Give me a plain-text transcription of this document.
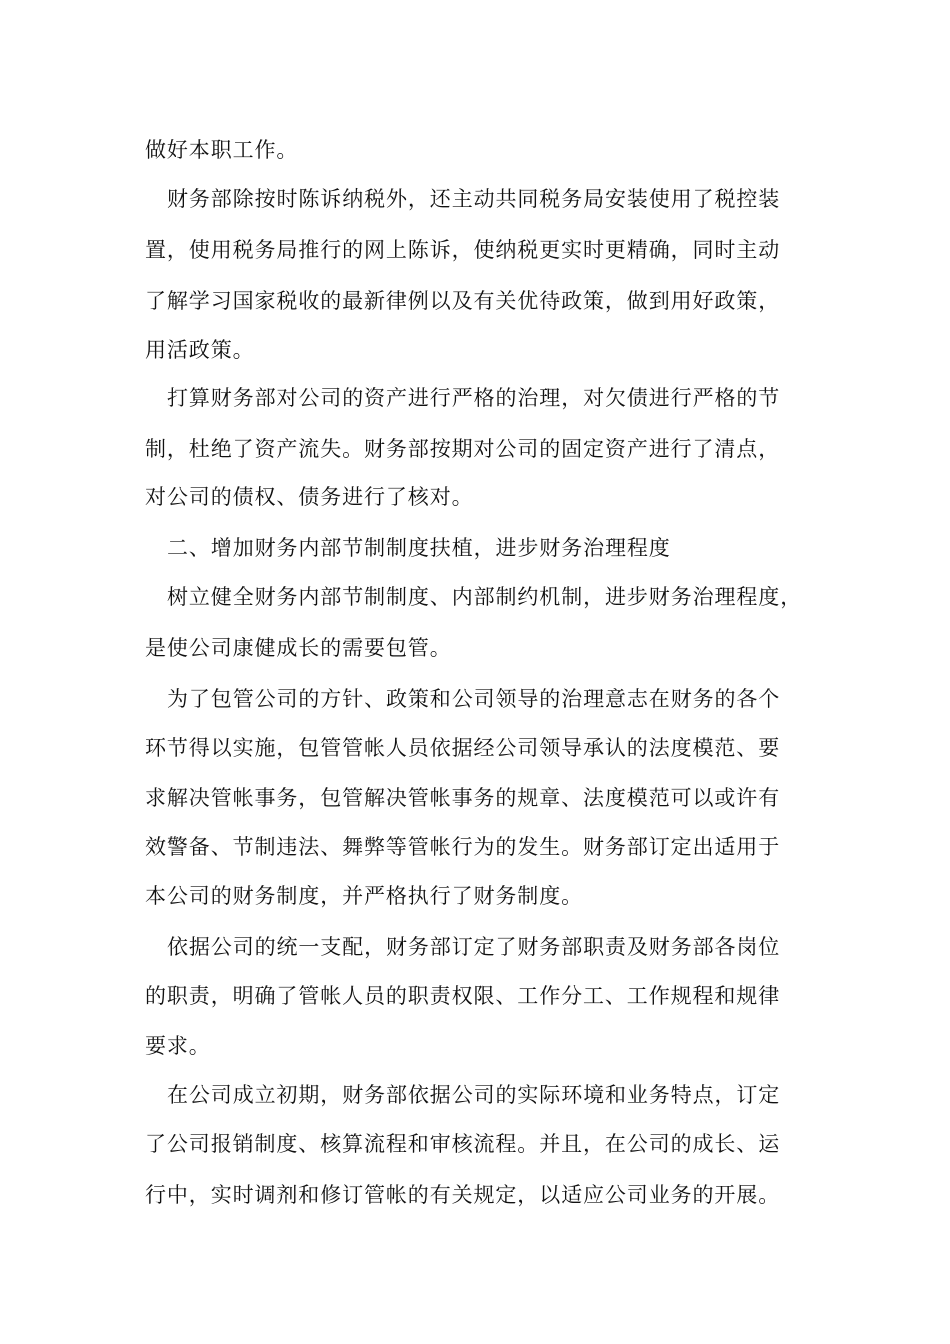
做好本职工作。
财务部除按时陈诉纳税外，还主动共同税务局安装使用了税控装
置，使用税务局推行的网上陈诉，使纳税更实时更精确，同时主动
了解学习国家税收的最新律例以及有关优待政策，做到用好政策，
用活政策。
打算财务部对公司的资产进行严格的治理，对欠债进行严格的节
制，杜绝了资产流失。财务部按期对公司的固定资产进行了清点，
对公司的债权、债务进行了核对。
二、增加财务内部节制制度扶植，进步财务治理程度
树立健全财务内部节制制度、内部制约机制，进步财务治理程度，
是使公司康健成长的需要包管。
为了包管公司的方针、政策和公司领导的治理意志在财务的各个
环节得以实施，包管管帐人员依据经公司领导承认的法度模范、要
求解决管帐事务，包管解决管帐事务的规章、法度模范可以或许有
效警备、节制违法、舞弊等管帐行为的发生。财务部订定出适用于
本公司的财务制度，并严格执行了财务制度。
依据公司的统一支配，财务部订定了财务部职责及财务部各岗位
的职责，明确了管帐人员的职责权限、工作分工、工作规程和规律
要求。
在公司成立初期，财务部依据公司的实际环境和业务特点，订定
了公司报销制度、核算流程和审核流程。并且，在公司的成长、运
行中，实时调剂和修订管帐的有关规定，以适应公司业务的开展。
